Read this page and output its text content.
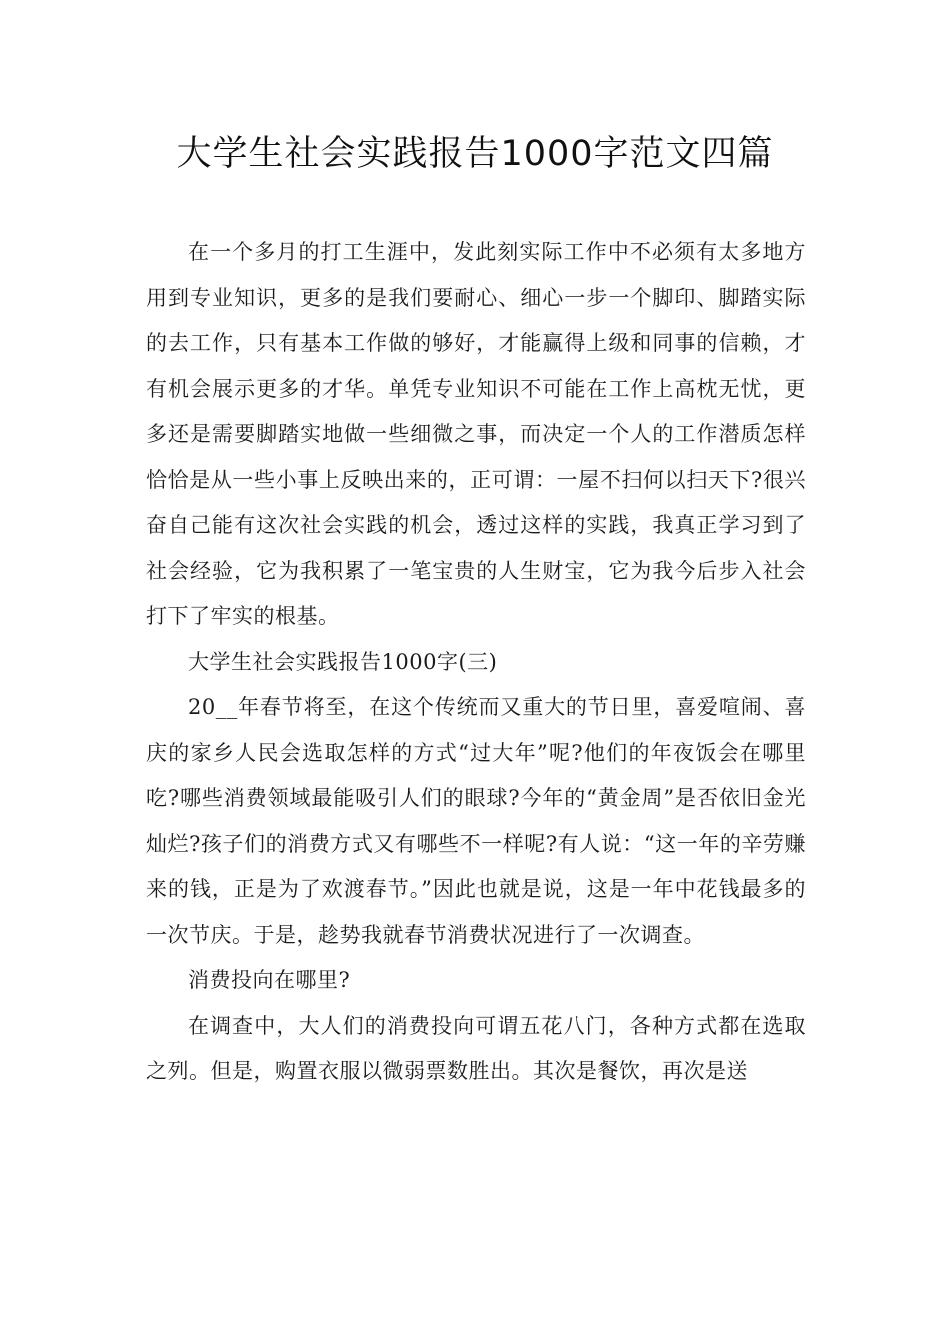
大学生社会实践报告1000字范文四篇

在一个多月的打工生涯中，发此刻实际工作中不必须有太多地方用到专业知识，更多的是我们要耐心、细心一步一个脚印、脚踏实际的去工作，只有基本工作做的够好，才能赢得上级和同事的信赖，才有机会展示更多的才华。单凭专业知识不可能在工作上高枕无忧，更多还是需要脚踏实地做一些细微之事，而决定一个人的工作潜质怎样恰恰是从一些小事上反映出来的，正可谓：一屋不扫何以扫天下?很兴奋自己能有这次社会实践的机会，透过这样的实践，我真正学习到了社会经验，它为我积累了一笔宝贵的人生财宝，它为我今后步入社会打下了牢实的根基。

大学生社会实践报告1000字(三)

20__年春节将至，在这个传统而又重大的节日里，喜爱喧闹、喜庆的家乡人民会选取怎样的方式“过大年”呢?他们的年夜饭会在哪里吃?哪些消费领域最能吸引人们的眼球?今年的“黄金周”是否依旧金光灿烂?孩子们的消费方式又有哪些不一样呢?有人说：“这一年的辛劳赚来的钱，正是为了欢渡春节。”因此也就是说，这是一年中花钱最多的一次节庆。于是，趁势我就春节消费状况进行了一次调查。

消费投向在哪里?

在调查中，大人们的消费投向可谓五花八门，各种方式都在选取之列。但是，购置衣服以微弱票数胜出。其次是餐饮，再次是送
